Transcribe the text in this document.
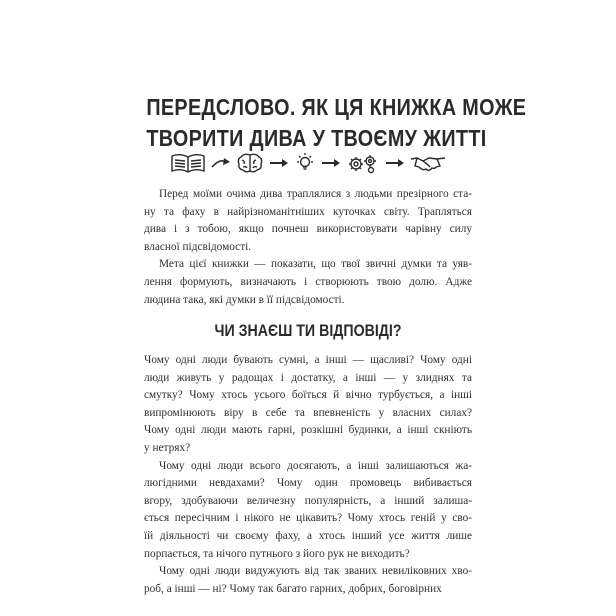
ПЕРЕДСЛОВО. ЯК ЦЯ КНИЖКА МОЖЕ
ТВОРИТИ ДИВА У ТВОЄМУ ЖИТТІ

Перед моїми очима дива траплялися з людьми презірного ста-
ну та фаху в найрізноманітніших куточках світу. Трапляться
дива і з тобою, якщо почнеш використовувати чарівну силу
власної підсвідомості.

Мета цієї книжки — показати, що твої звичні думки та уяв-
лення формують, визначають і створюють твою долю. Адже
людина така, які думки в її підсвідомості.

ЧИ ЗНАЄШ ТИ ВІДПОВІДІ?

Чому одні люди бувають сумні, а інші — щасливі? Чому одні
люди живуть у радощах і достатку, а інші — у злиднях та
смутку? Чому хтось усього боїться й вічно турбується, а інші
випромінюють віру в себе та впевненість у власних силах?
Чому одні люди мають гарні, розкішні будинки, а інші скніють
у нетрях?

Чому одні люди всього досягають, а інші залишаються жа-
люгідними невдахами? Чому один промовець вибивається
вгору, здобуваючи величезну популярність, а інший залиша-
ється пересічним і нікого не цікавить? Чому хтось геній у сво-
їй діяльності чи своєму фаху, а хтось інший усе життя лише
порпається, та нічого путнього з його рук не виходить?

Чому одні люди видужують від так званих невиліковних хво-
роб, а інші — ні? Чому так багато гарних, добрих, боговірних
